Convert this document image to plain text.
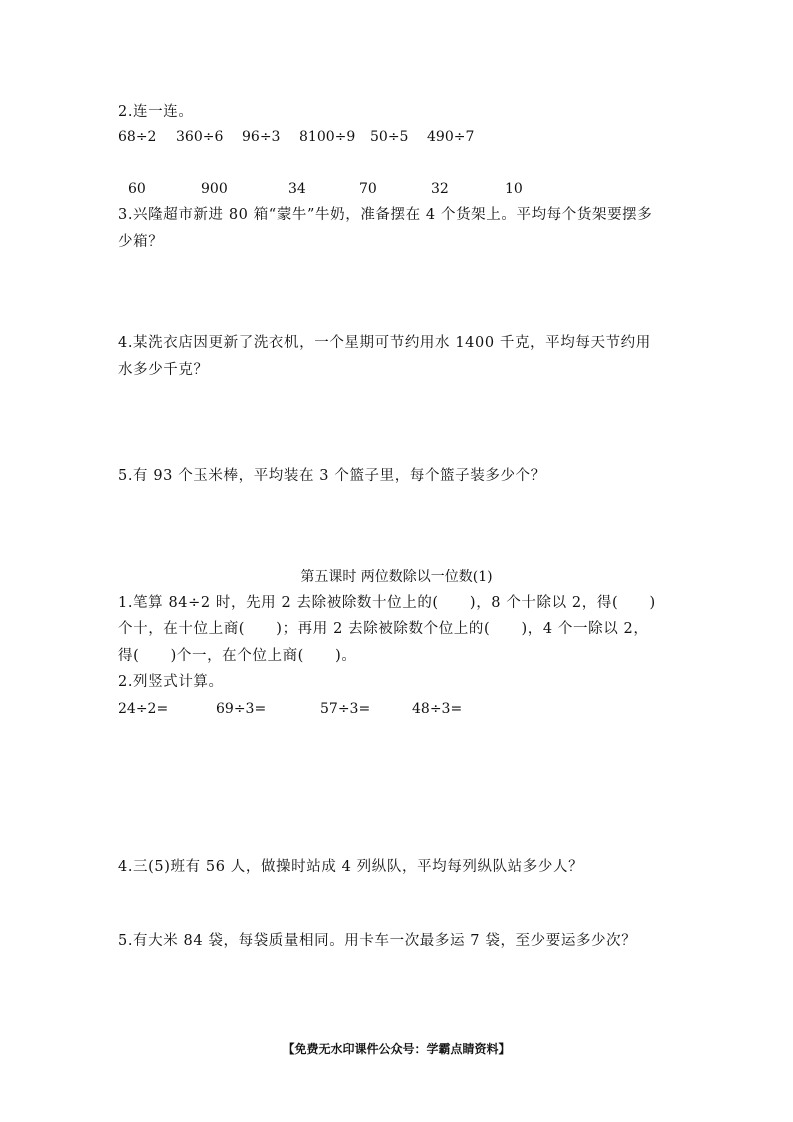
2.连一连。
68÷2 360÷6 96÷3 8100÷9 50÷5 490÷7
60	900	34	70	32	10
3.兴隆超市新进 80 箱“蒙牛”牛奶，准备摆在 4 个货架上。平均每个货架要摆多
少箱？
4.某洗衣店因更新了洗衣机，一个星期可节约用水 1400 千克，平均每天节约用
水多少千克？
5.有 93 个玉米棒，平均装在 3 个篮子里，每个篮子装多少个？
第五课时 两位数除以一位数(1)
1.笔算 84÷2 时，先用 2 去除被除数十位上的(      )，8 个十除以 2，得(      )
个十，在十位上商(      )；再用 2 去除被除数个位上的(      )，4 个一除以 2，
得(      )个一，在个位上商(      )。
2.列竖式计算。
24÷2=	69÷3=	57÷3=	48÷3=
4.三(5)班有 56 人，做操时站成 4 列纵队，平均每列纵队站多少人？
5.有大米 84 袋，每袋质量相同。用卡车一次最多运 7 袋，至少要运多少次？
【免费无水印课件公众号：学霸点睛资料】
